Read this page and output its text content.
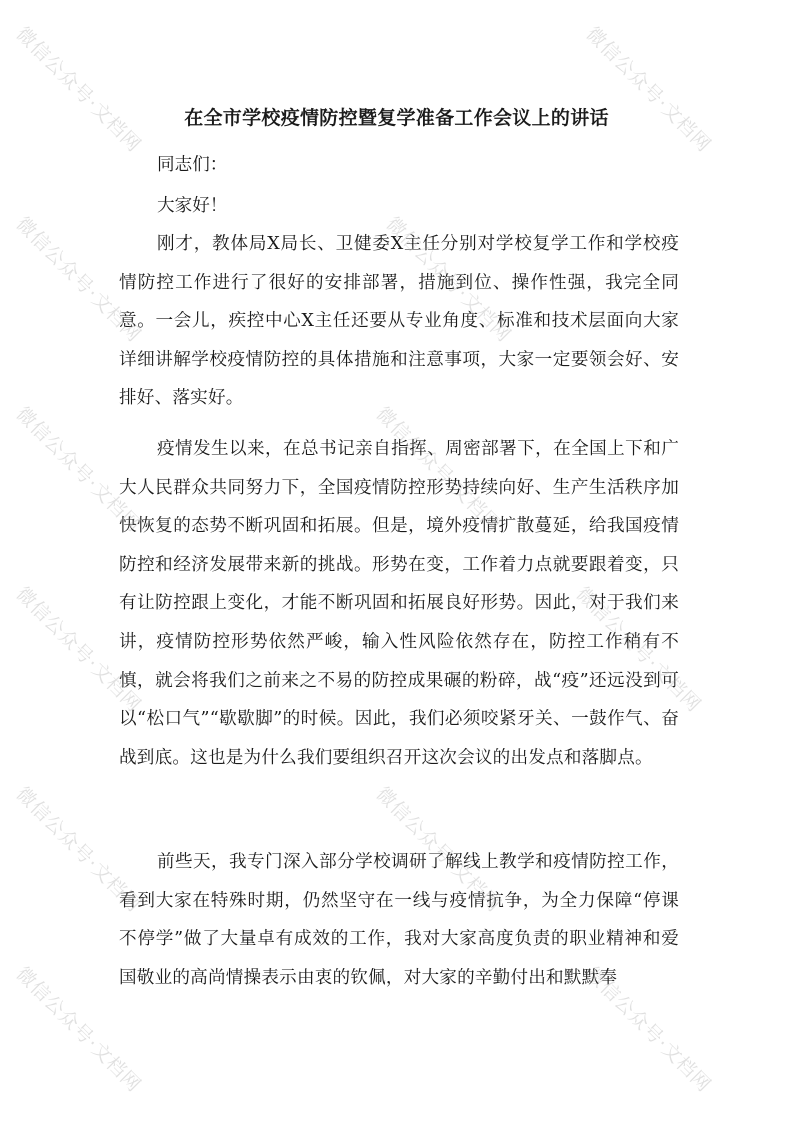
在全市学校疫情防控暨复学准备工作会议上的讲话
同志们：
大家好！
刚才，教体局X局长、卫健委X主任分别对学校复学工作和学校疫情防控工作进行了很好的安排部署，措施到位、操作性强，我完全同意。一会儿，疾控中心X主任还要从专业角度、标准和技术层面向大家详细讲解学校疫情防控的具体措施和注意事项，大家一定要领会好、安排好、落实好。
疫情发生以来，在总书记亲自指挥、周密部署下，在全国上下和广大人民群众共同努力下，全国疫情防控形势持续向好、生产生活秩序加快恢复的态势不断巩固和拓展。但是，境外疫情扩散蔓延，给我国疫情防控和经济发展带来新的挑战。形势在变，工作着力点就要跟着变，只有让防控跟上变化，才能不断巩固和拓展良好形势。因此，对于我们来讲，疫情防控形势依然严峻，输入性风险依然存在，防控工作稍有不慎，就会将我们之前来之不易的防控成果碾的粉碎，战“疫”还远没到可以“松口气”“歇歇脚”的时候。因此，我们必须咬紧牙关、一鼓作气、奋战到底。这也是为什么我们要组织召开这次会议的出发点和落脚点。
前些天，我专门深入部分学校调研了解线上教学和疫情防控工作，看到大家在特殊时期，仍然坚守在一线与疫情抗争，为全力保障“停课不停学”做了大量卓有成效的工作，我对大家高度负责的职业精神和爱国敬业的高尚情操表示由衷的钦佩，对大家的辛勤付出和默默奉
微信公众号·文档网	微信公众号·文档网
微信公众号·文档网	微信公众号·文档网
微信公众号·文档网	微信公众号·文档网
微信公众号·文档网	微信公众号·文档网
微信公众号·文档网	微信公众号·文档网
微信公众号·文档网	微信公众号·文档网
